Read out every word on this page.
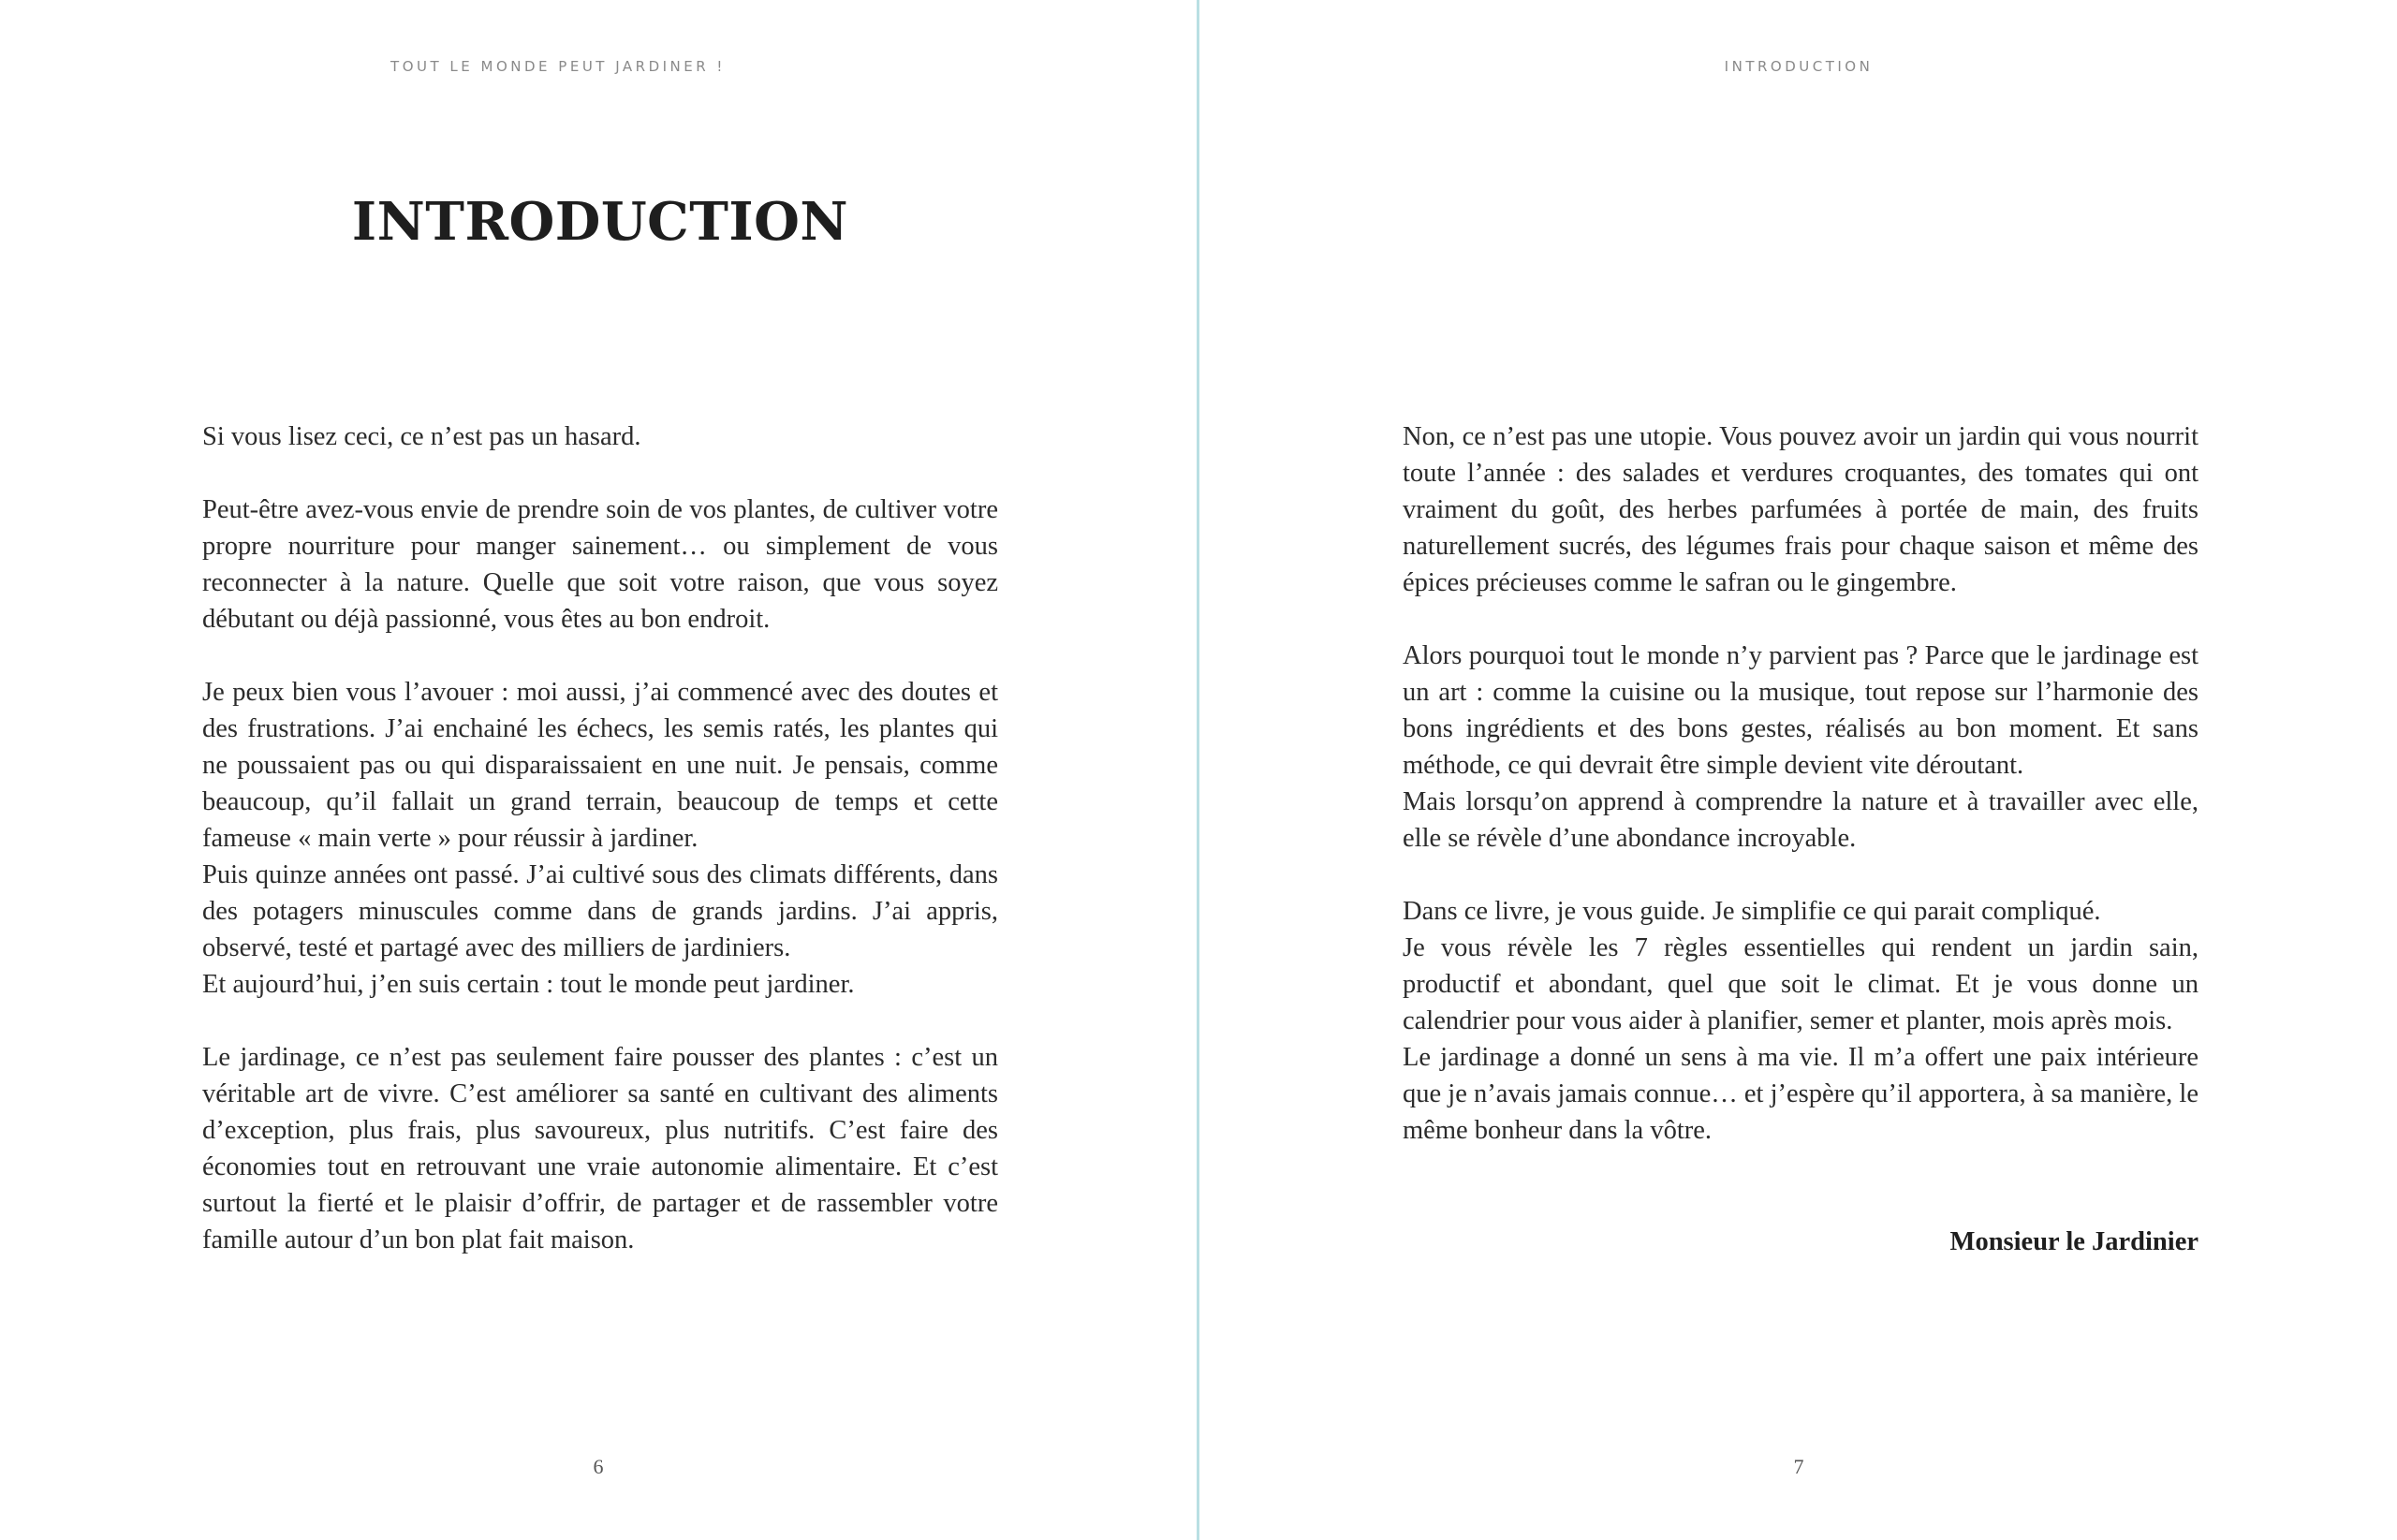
TOUT LE MONDE PEUT JARDINER !
INTRODUCTION

Si vous lisez ceci, ce n’est pas un hasard.

Peut-être avez-vous envie de prendre soin de vos plantes, de cultiver votre propre nourriture pour manger sainement… ou simplement de vous reconnecter à la nature. Quelle que soit votre raison, que vous soyez débutant ou déjà passionné, vous êtes au bon endroit.

Je peux bien vous l’avouer : moi aussi, j’ai commencé avec des doutes et des frustrations. J’ai enchainé les échecs, les semis ratés, les plantes qui ne poussaient pas ou qui disparaissaient en une nuit. Je pensais, comme beaucoup, qu’il fallait un grand terrain, beaucoup de temps et cette fameuse « main verte » pour réussir à jardiner.

Puis quinze années ont passé. J’ai cultivé sous des climats différents, dans des potagers minuscules comme dans de grands jardins. J’ai appris, observé, testé et partagé avec des milliers de jardiniers.

Et aujourd’hui, j’en suis certain : tout le monde peut jardiner.

Le jardinage, ce n’est pas seulement faire pousser des plantes : c’est un véritable art de vivre. C’est améliorer sa santé en cultivant des aliments d’exception, plus frais, plus savoureux, plus nutritifs. C’est faire des économies tout en retrouvant une vraie autonomie alimentaire. Et c’est surtout la fierté et le plaisir d’offrir, de partager et de rassembler votre famille autour d’un bon plat fait maison.

6
INTRODUCTION

Non, ce n’est pas une utopie. Vous pouvez avoir un jardin qui vous nourrit toute l’année : des salades et verdures croquantes, des tomates qui ont vraiment du goût, des herbes parfumées à portée de main, des fruits naturellement sucrés, des légumes frais pour chaque saison et même des épices précieuses comme le safran ou le gingembre.

Alors pourquoi tout le monde n’y parvient pas ? Parce que le jardinage est un art : comme la cuisine ou la musique, tout repose sur l’harmonie des bons ingrédients et des bons gestes, réalisés au bon moment. Et sans méthode, ce qui devrait être simple devient vite déroutant.

Mais lorsqu’on apprend à comprendre la nature et à travailler avec elle, elle se révèle d’une abondance incroyable.

Dans ce livre, je vous guide. Je simplifie ce qui parait compliqué.

Je vous révèle les 7 règles essentielles qui rendent un jardin sain, productif et abondant, quel que soit le climat. Et je vous donne un calendrier pour vous aider à planifier, semer et planter, mois après mois.

Le jardinage a donné un sens à ma vie. Il m’a offert une paix intérieure que je n’avais jamais connue… et j’espère qu’il apportera, à sa manière, le même bonheur dans la vôtre.

Monsieur le Jardinier
7
